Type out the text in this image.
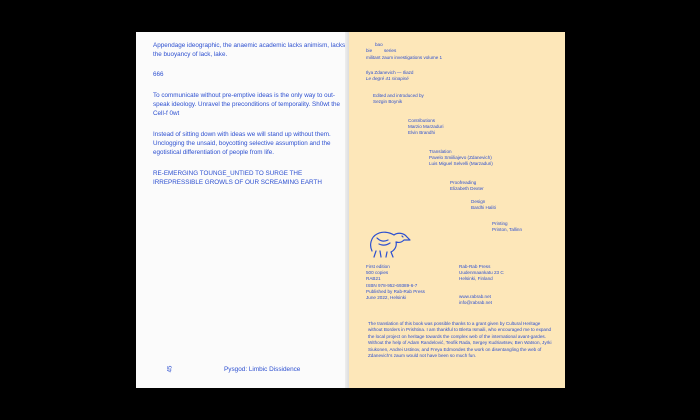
Appendage ideographic, the anaemic academic lacks animism, lacks the buoyancy of lack, lake.

666

To communicate without pre-emptive ideas is the only way to out-speak ideology. Unravel the preconditions of temporality. Sh0wt the Cell-f 0wt

Instead of sitting down with ideas we will stand up without them. Unclogging the unsaid, boycotting selective assumption and the egotistical differentiation of people from life.

RE-EMERGING TOUNGE_UNTIED TO SURGE THE IRREPRESSIBLE GROWLS OF OUR SCREAMING EARTH

45	Pysgod: Limbic Dissidence
bao
bie	series
militant zaum investigations volume 1
Ilya Zdanevich — Iliazd
Le degré 41 sinapisé
Edited and introduced by
Sezgin Boynik
Contributions
Marzio Marzaduri
Elvin Brandhi
Translation
Pavelo Smiiliajevo (Zdanevich)
Luis Miguel Selvelli (Marzaduri)
Proofreading
Elizabeth Dexter
Design
Bardhi Haliti
Printing
Printon, Tallinn
First edition
500 copies
RAB21
ISBN 978-952-69389-6-7
Published by Rab-Rab Press
June 2022, Helsinki
Rab-Rab Press
Uudenmaankatu 23 C
Helsinki, Finland
www.rabrab.net
info@rabrab.net

The translation of this book was possible thanks to a grant given by Cultural Heritage without Borders in Prishtina. I am thankful to Blerta Ismaili, who encouraged me to expand the local project on heritage towards the complex web of the international avant-gardes. Without the help of Adam Randelović, Teofik Rada, Sergey Kudriavtsev, Ben Watson, Jyrki Siukonen, Andrei Ustinov, and Freya Edmondes the work on disentangling the web of Zdanevich’s zaum would not have been so much fun.
